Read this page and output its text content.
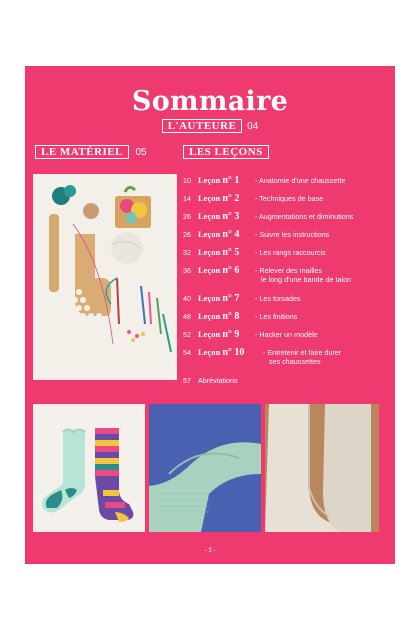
Sommaire
L'AUTEURE 04
LE MATÉRIEL 05	LES LEÇONS
10 Leçon n° 1 - Anatomie d'une chaussette
14 Leçon n° 2 - Techniques de base
26 Leçon n° 3 - Augmentations et diminutions
26 Leçon n° 4 - Suivre les instructions
32 Leçon n° 5 - Les rangs raccourcis
36 Leçon n° 6 - Relever des mailles
le long d'une bande de talon
40 Leçon n° 7 - Les torsades
48 Leçon n° 8 - Les finitions
52 Leçon n° 9 - Hacker un modèle
54 Leçon n° 10	- Entretenir et faire durer
ses chaussettes
57 Abréviations
- 3 -
